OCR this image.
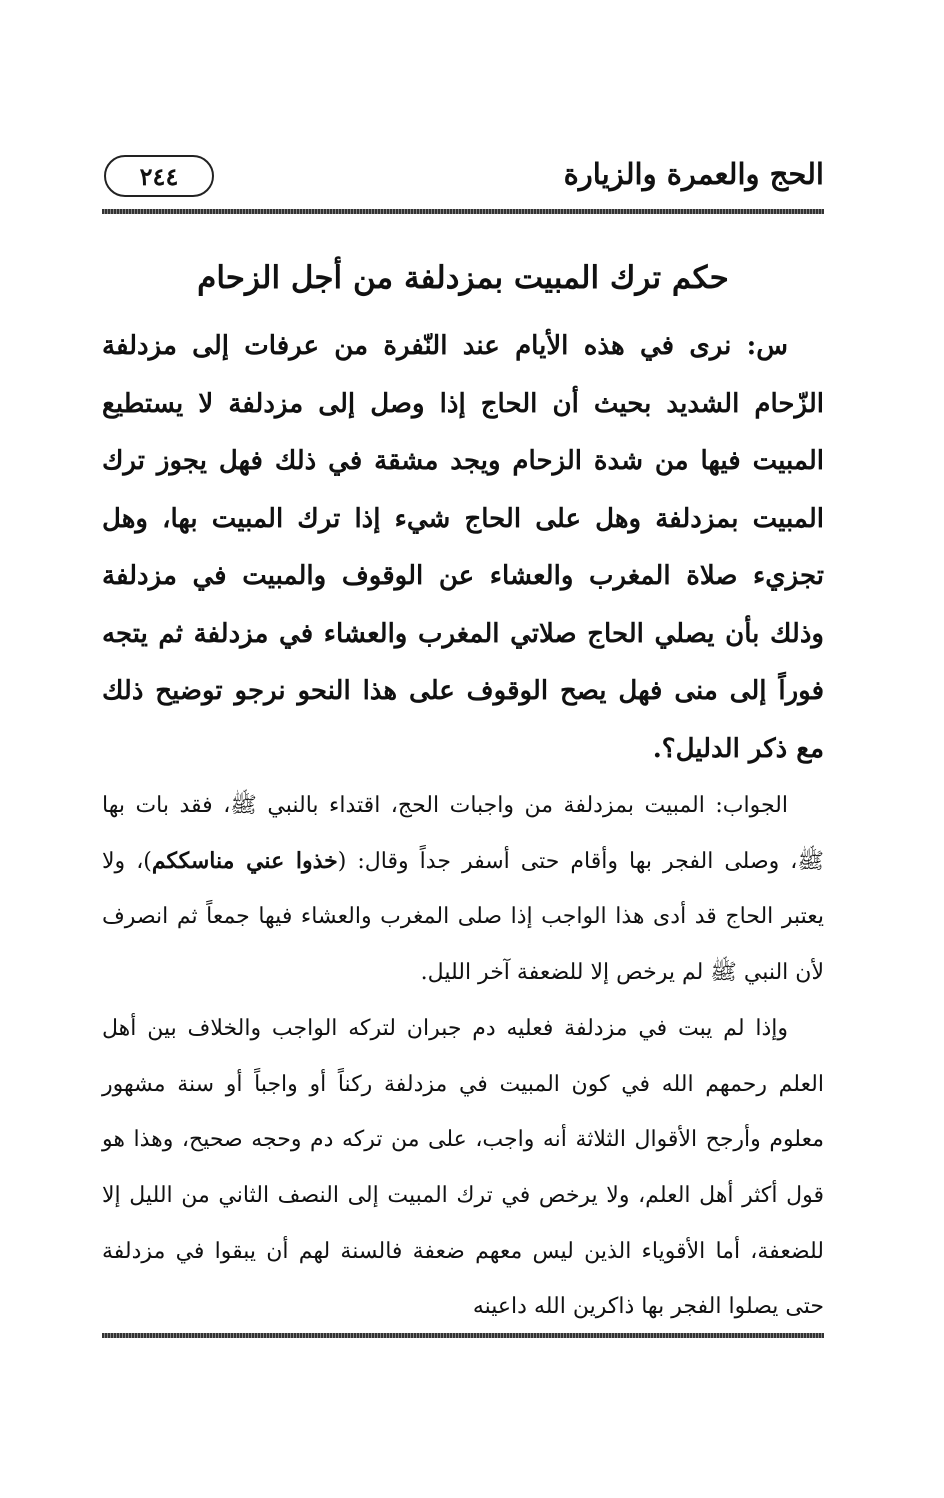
الحج والعمرة والزيارة
٢٤٤
حكم ترك المبيت بمزدلفة من أجل الزحام

س: نرى في هذه الأيام عند النّفرة من عرفات إلى مزدلفة الزّحام الشديد بحيث أن الحاج إذا وصل إلى مزدلفة لا يستطيع المبيت فيها من شدة الزحام ويجد مشقة في ذلك فهل يجوز ترك المبيت بمزدلفة وهل على الحاج شيء إذا ترك المبيت بها، وهل تجزيء صلاة المغرب والعشاء عن الوقوف والمبيت في مزدلفة وذلك بأن يصلي الحاج صلاتي المغرب والعشاء في مزدلفة ثم يتجه فوراً إلى منى فهل يصح الوقوف على هذا النحو نرجو توضيح ذلك مع ذكر الدليل؟.

الجواب: المبيت بمزدلفة من واجبات الحج، اقتداء بالنبي ﷺ، فقد بات بها ﷺ، وصلى الفجر بها وأقام حتى أسفر جداً وقال: (خذوا عني مناسككم)، ولا يعتبر الحاج قد أدى هذا الواجب إذا صلى المغرب والعشاء فيها جمعاً ثم انصرف لأن النبي ﷺ لم يرخص إلا للضعفة آخر الليل.

وإذا لم يبت في مزدلفة فعليه دم جبران لتركه الواجب والخلاف بين أهل العلم رحمهم الله في كون المبيت في مزدلفة ركناً أو واجباً أو سنة مشهور معلوم وأرجح الأقوال الثلاثة أنه واجب، على من تركه دم وحجه صحيح، وهذا هو قول أكثر أهل العلم، ولا يرخص في ترك المبيت إلى النصف الثاني من الليل إلا للضعفة، أما الأقوياء الذين ليس معهم ضعفة فالسنة لهم أن يبقوا في مزدلفة حتى يصلوا الفجر بها ذاكرين الله داعينه
